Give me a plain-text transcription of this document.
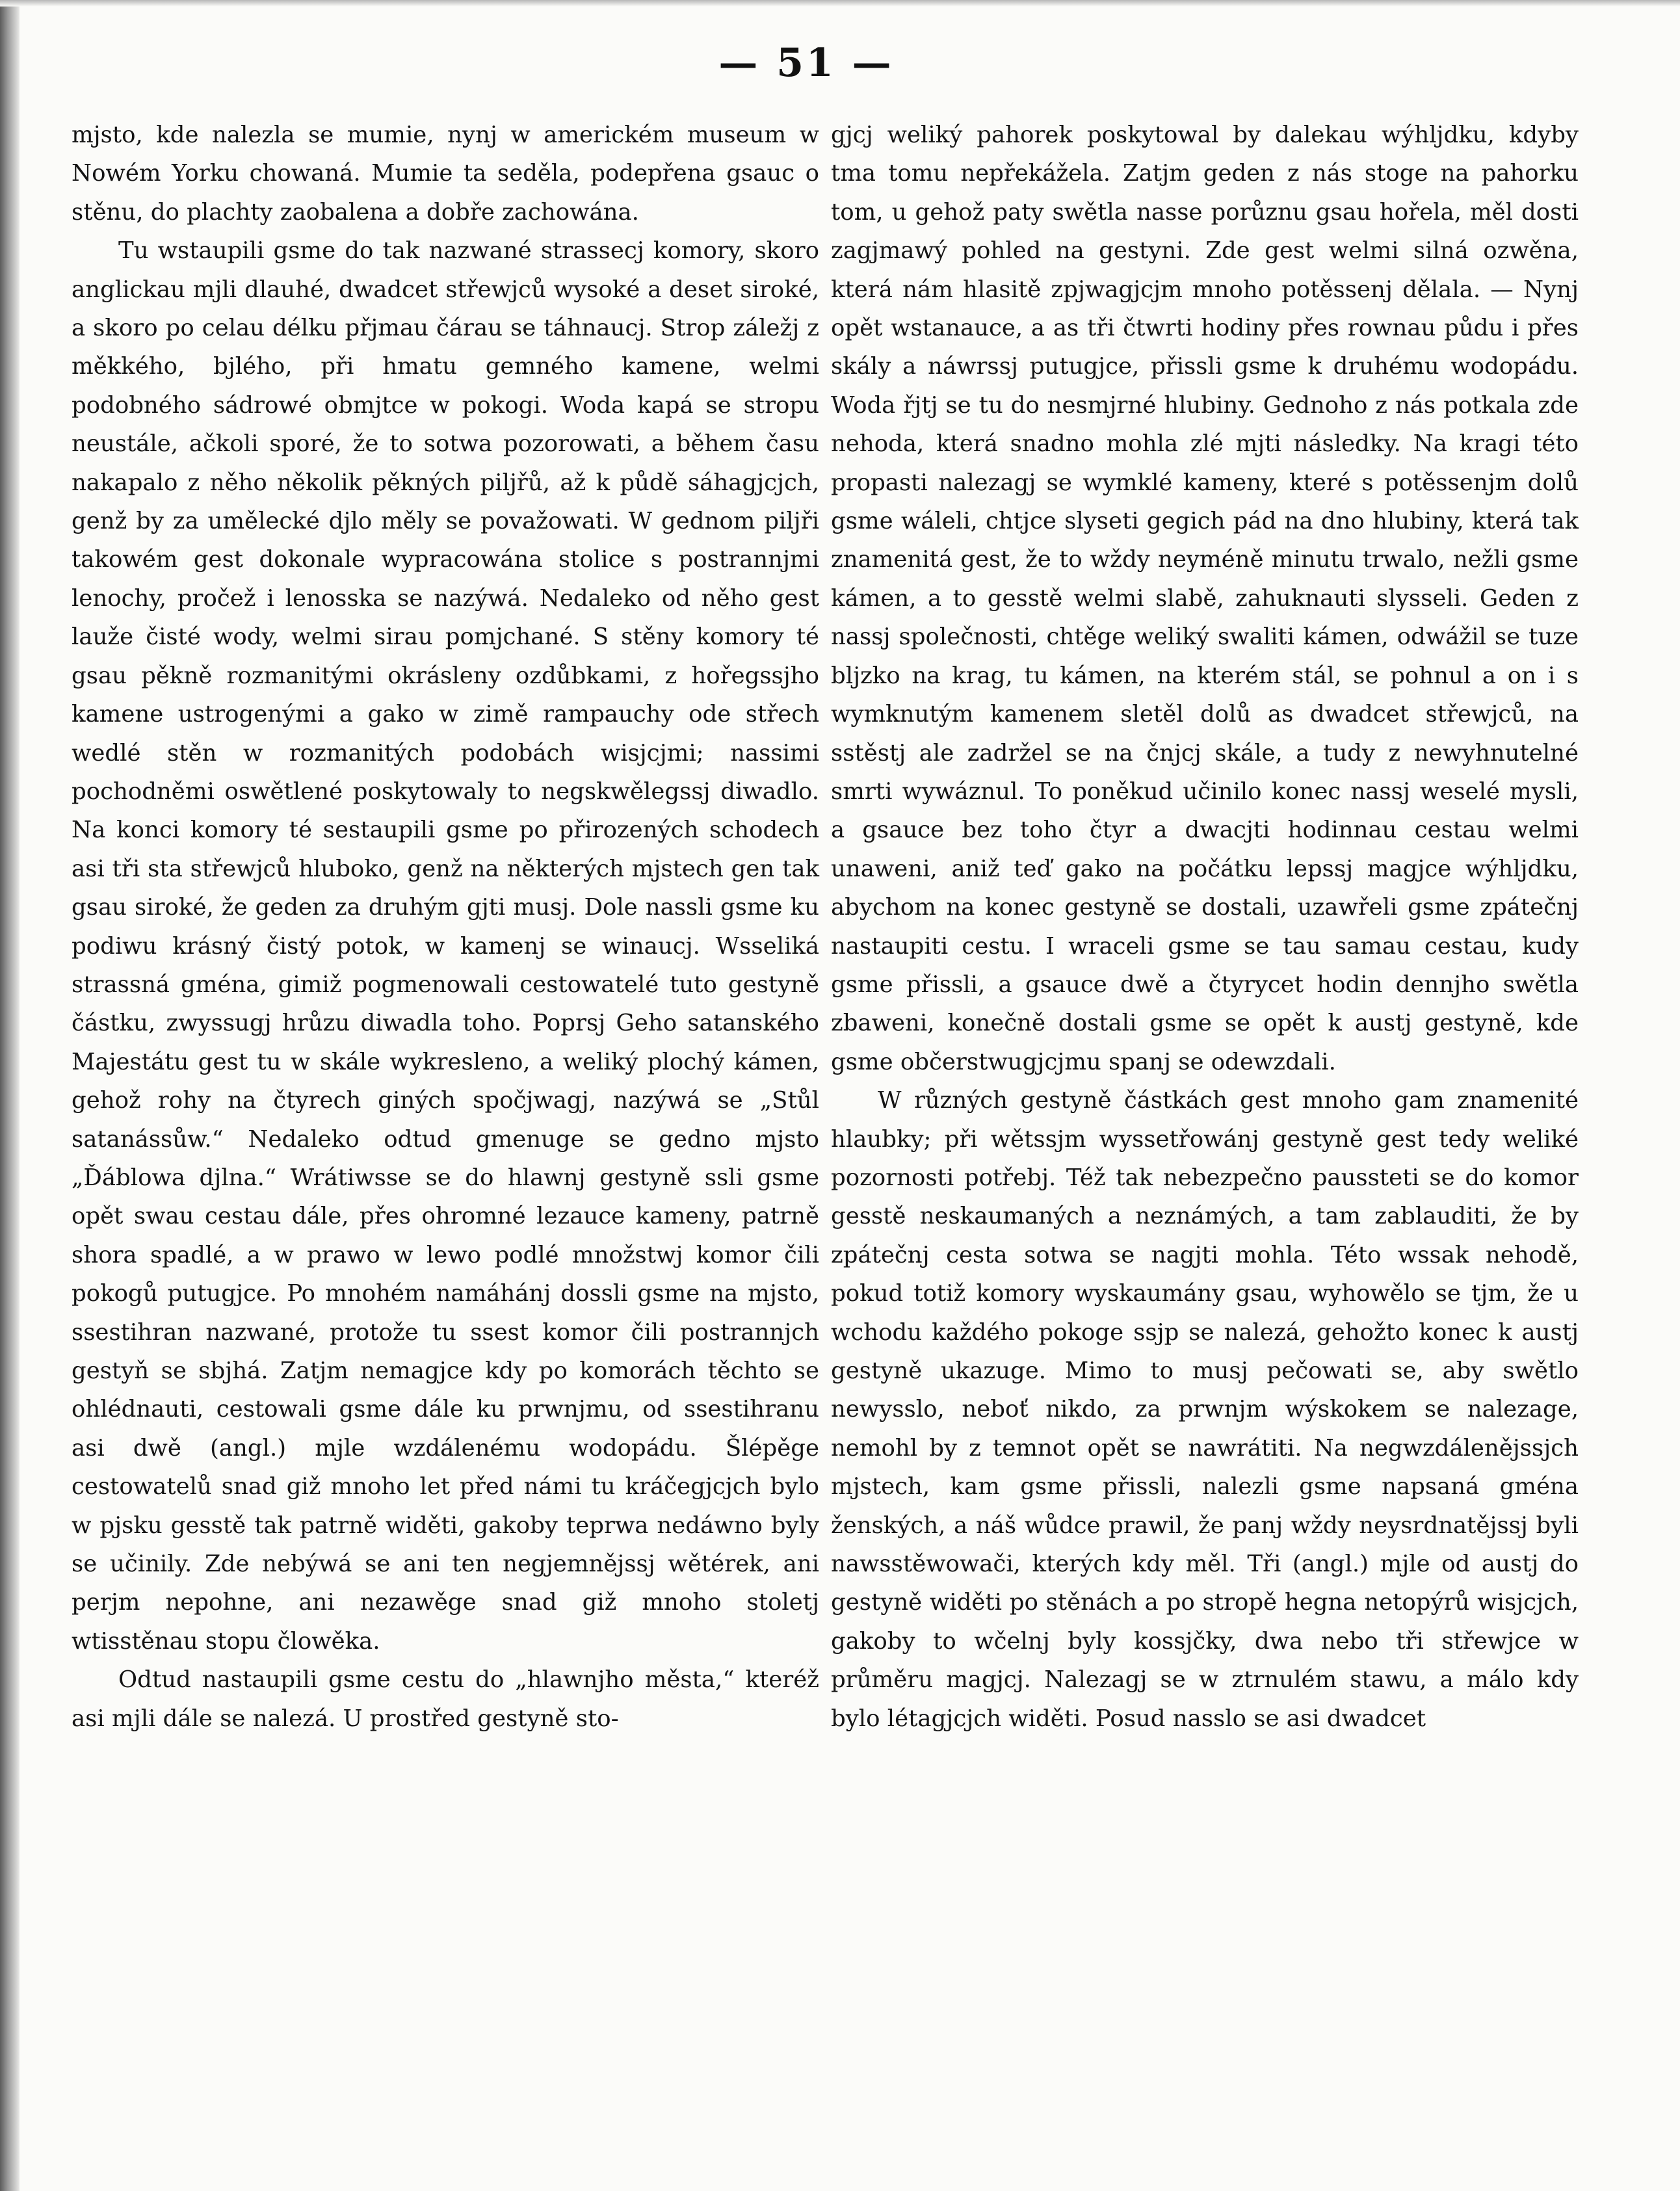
— 51 —

mjsto, kde nalezla se mumie, nynj w americkém museum w Nowém Yorku chowaná. Mumie ta seděla, podepřena gsauc o stěnu, do plachty zaobalena a dobře zachowána.

Tu wstaupili gsme do tak nazwané strassecj komory, skoro anglickau mjli dlauhé, dwadcet střewjců wysoké a deset siroké, a skoro po celau délku přjmau čárau se táhnaucj. Strop záležj z měkkého, bjlého, při hmatu gemného kamene, welmi podobného sádrowé obmjtce w pokogi. Woda kapá se stropu neustále, ačkoli sporé, že to sotwa pozorowati, a během času nakapalo z něho několik pěkných piljřů, až k půdě sáhagjcjch, genž by za umělecké djlo měly se považowati. W gednom piljři takowém gest dokonale wypracowána stolice s postrannjmi lenochy, pročež i lenosska se nazýwá. Nedaleko od něho gest lauže čisté wody, welmi sirau pomjchané. S stěny komory té gsau pěkně rozmanitými okrásleny ozdůbkami, z hořegssjho kamene ustrogenými a gako w zimě rampauchy ode střech wedlé stěn w rozmanitých podobách wisjcjmi; nassimi pochodněmi oswětlené poskytowaly to negskwělegssj diwadlo. Na konci komory té sestaupili gsme po přirozených schodech asi tři sta střewjců hluboko, genž na některých mjstech gen tak gsau siroké, že geden za druhým gjti musj. Dole nassli gsme ku podiwu krásný čistý potok, w kamenj se winaucj. Wsseliká strassná gména, gimiž pogmenowali cestowatelé tuto gestyně částku, zwyssugj hrůzu diwadla toho. Poprsj Geho satanského Majestátu gest tu w skále wykresleno, a weliký plochý kámen, gehož rohy na čtyrech giných spočjwagj, nazýwá se „Stůl satanássůw.“ Nedaleko odtud gmenuge se gedno mjsto „Ďáblowa djlna.“ Wrátiwsse se do hlawnj gestyně ssli gsme opět swau cestau dále, přes ohromné lezauce kameny, patrně shora spadlé, a w prawo w lewo podlé množstwj komor čili pokogů putugjce. Po mnohém namáhánj dossli gsme na mjsto, ssestihran nazwané, protože tu ssest komor čili postrannjch gestyň se sbjhá. Zatjm nemagjce kdy po komorách těchto se ohlédnauti, cestowali gsme dále ku prwnjmu, od ssestihranu asi dwě (angl.) mjle wzdálenému wodopádu. Šlépěge cestowatelů snad giž mnoho let před námi tu kráčegjcjch bylo w pjsku gesstě tak patrně widěti, gakoby teprwa nedáwno byly se učinily. Zde nebýwá se ani ten negjemnějssj wětérek, ani perjm nepohne, ani nezawěge snad giž mnoho stoletj wtisstěnau stopu člowěka.

Odtud nastaupili gsme cestu do „hlawnjho města,“ kteréž asi mjli dále se nalezá. U prostřed gestyně sto-

gjcj weliký pahorek poskytowal by dalekau wýhljdku, kdyby tma tomu nepřekážela. Zatjm geden z nás stoge na pahorku tom, u gehož paty swětla nasse porůznu gsau hořela, měl dosti zagjmawý pohled na gestyni. Zde gest welmi silná ozwěna, která nám hlasitě zpjwagjcjm mnoho potěssenj dělala. — Nynj opět wstanauce, a as tři čtwrti hodiny přes rownau půdu i přes skály a náwrssj putugjce, přissli gsme k druhému wodopádu. Woda řjtj se tu do nesmjrné hlubiny. Gednoho z nás potkala zde nehoda, která snadno mohla zlé mjti následky. Na kragi této propasti nalezagj se wymklé kameny, které s potěssenjm dolů gsme wáleli, chtjce slyseti gegich pád na dno hlubiny, která tak znamenitá gest, že to wždy neyméně minutu trwalo, nežli gsme kámen, a to gesstě welmi slabě, zahuknauti slysseli. Geden z nassj společnosti, chtěge weliký swaliti kámen, odwážil se tuze bljzko na krag, tu kámen, na kterém stál, se pohnul a on i s wymknutým kamenem sletěl dolů as dwadcet střewjců, na sstěstj ale zadržel se na čnjcj skále, a tudy z newyhnutelné smrti wywáznul. To poněkud učinilo konec nassj weselé mysli, a gsauce bez toho čtyr a dwacjti hodinnau cestau welmi unaweni, aniž teď gako na počátku lepssj magjce wýhljdku, abychom na konec gestyně se dostali, uzawřeli gsme zpátečnj nastaupiti cestu. I wraceli gsme se tau samau cestau, kudy gsme přissli, a gsauce dwě a čtyrycet hodin dennjho swětla zbaweni, konečně dostali gsme se opět k austj gestyně, kde gsme občerstwugjcjmu spanj se odewzdali.

W různých gestyně částkách gest mnoho gam znamenité hlaubky; při wětssjm wyssetřowánj gestyně gest tedy weliké pozornosti potřebj. Též tak nebezpečno paussteti se do komor gesstě neskaumaných a neznámých, a tam zablauditi, že by zpátečnj cesta sotwa se nagjti mohla. Této wssak nehodě, pokud totiž komory wyskaumány gsau, wyhowělo se tjm, že u wchodu každého pokoge ssjp se nalezá, gehožto konec k austj gestyně ukazuge. Mimo to musj pečowati se, aby swětlo newysslo, neboť nikdo, za prwnjm wýskokem se nalezage, nemohl by z temnot opět se nawrátiti. Na negwzdálenějssjch mjstech, kam gsme přissli, nalezli gsme napsaná gména ženských, a náš wůdce prawil, že panj wždy neysrdnatějssj byli nawsstěwowači, kterých kdy měl. Tři (angl.) mjle od austj do gestyně widěti po stěnách a po stropě hegna netopýrů wisjcjch, gakoby to wčelnj byly kossjčky, dwa nebo tři střewjce w průměru magjcj. Nalezagj se w ztrnulém stawu, a málo kdy bylo létagjcjch widěti. Posud nasslo se asi dwadcet
